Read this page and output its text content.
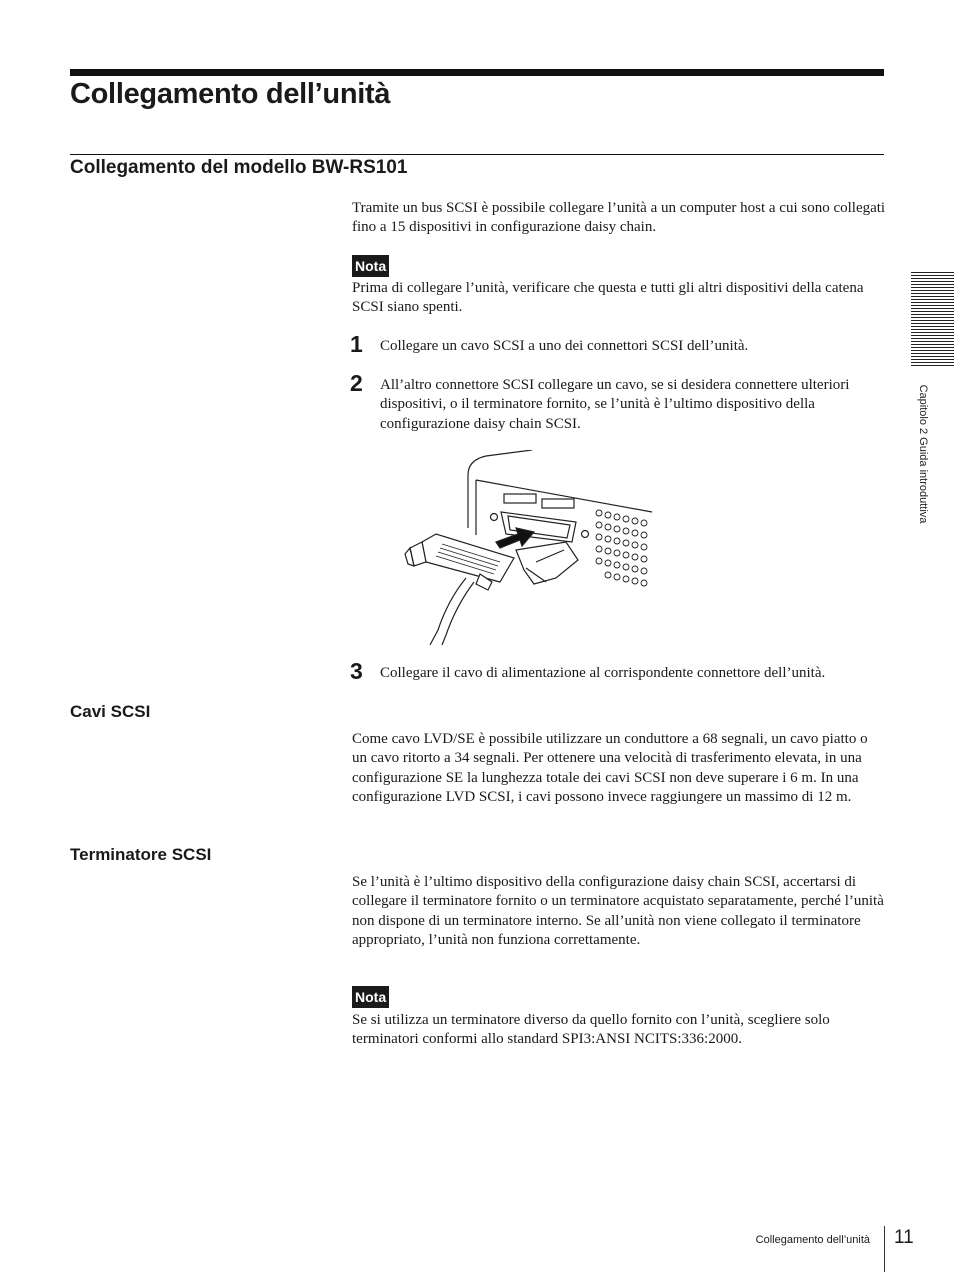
Collegamento dell’unità
Collegamento del modello BW-RS101

Tramite un bus SCSI è possibile collegare l’unità a un computer host a cui sono collegati fino a 15 dispositivi in configurazione daisy chain.

Nota

Prima di collegare l’unità, verificare che questa e tutti gli altri dispositivi della catena SCSI siano spenti.

1 Collegare un cavo SCSI a uno dei connettori SCSI dell’unità.

2 All’altro connettore SCSI collegare un cavo, se si desidera connettere ulteriori dispositivi, o il terminatore fornito, se l’unità è l’ultimo dispositivo della configurazione daisy chain SCSI.

3 Collegare il cavo di alimentazione al corrispondente connettore dell’unità.

Cavi SCSI

Come cavo LVD/SE è possibile utilizzare un conduttore a 68 segnali, un cavo piatto o un cavo ritorto a 34 segnali. Per ottenere una velocità di trasferimento elevata, in una configurazione SE la lunghezza totale dei cavi SCSI non deve superare i 6 m. In una configurazione LVD SCSI, i cavi possono invece raggiungere un massimo di 12 m.

Terminatore SCSI

Se l’unità è l’ultimo dispositivo della configurazione daisy chain SCSI, accertarsi di collegare il terminatore fornito o un terminatore acquistato separatamente, perché l’unità non dispone di un terminatore interno. Se all’unità non viene collegato il terminatore appropriato, l’unità non funziona correttamente.

Nota

Se si utilizza un terminatore diverso da quello fornito con l’unità, scegliere solo terminatori conformi allo standard SPI3:ANSI NCITS:336:2000.

Capitolo 2 Guida introduttiva
Collegamento dell’unità 11
